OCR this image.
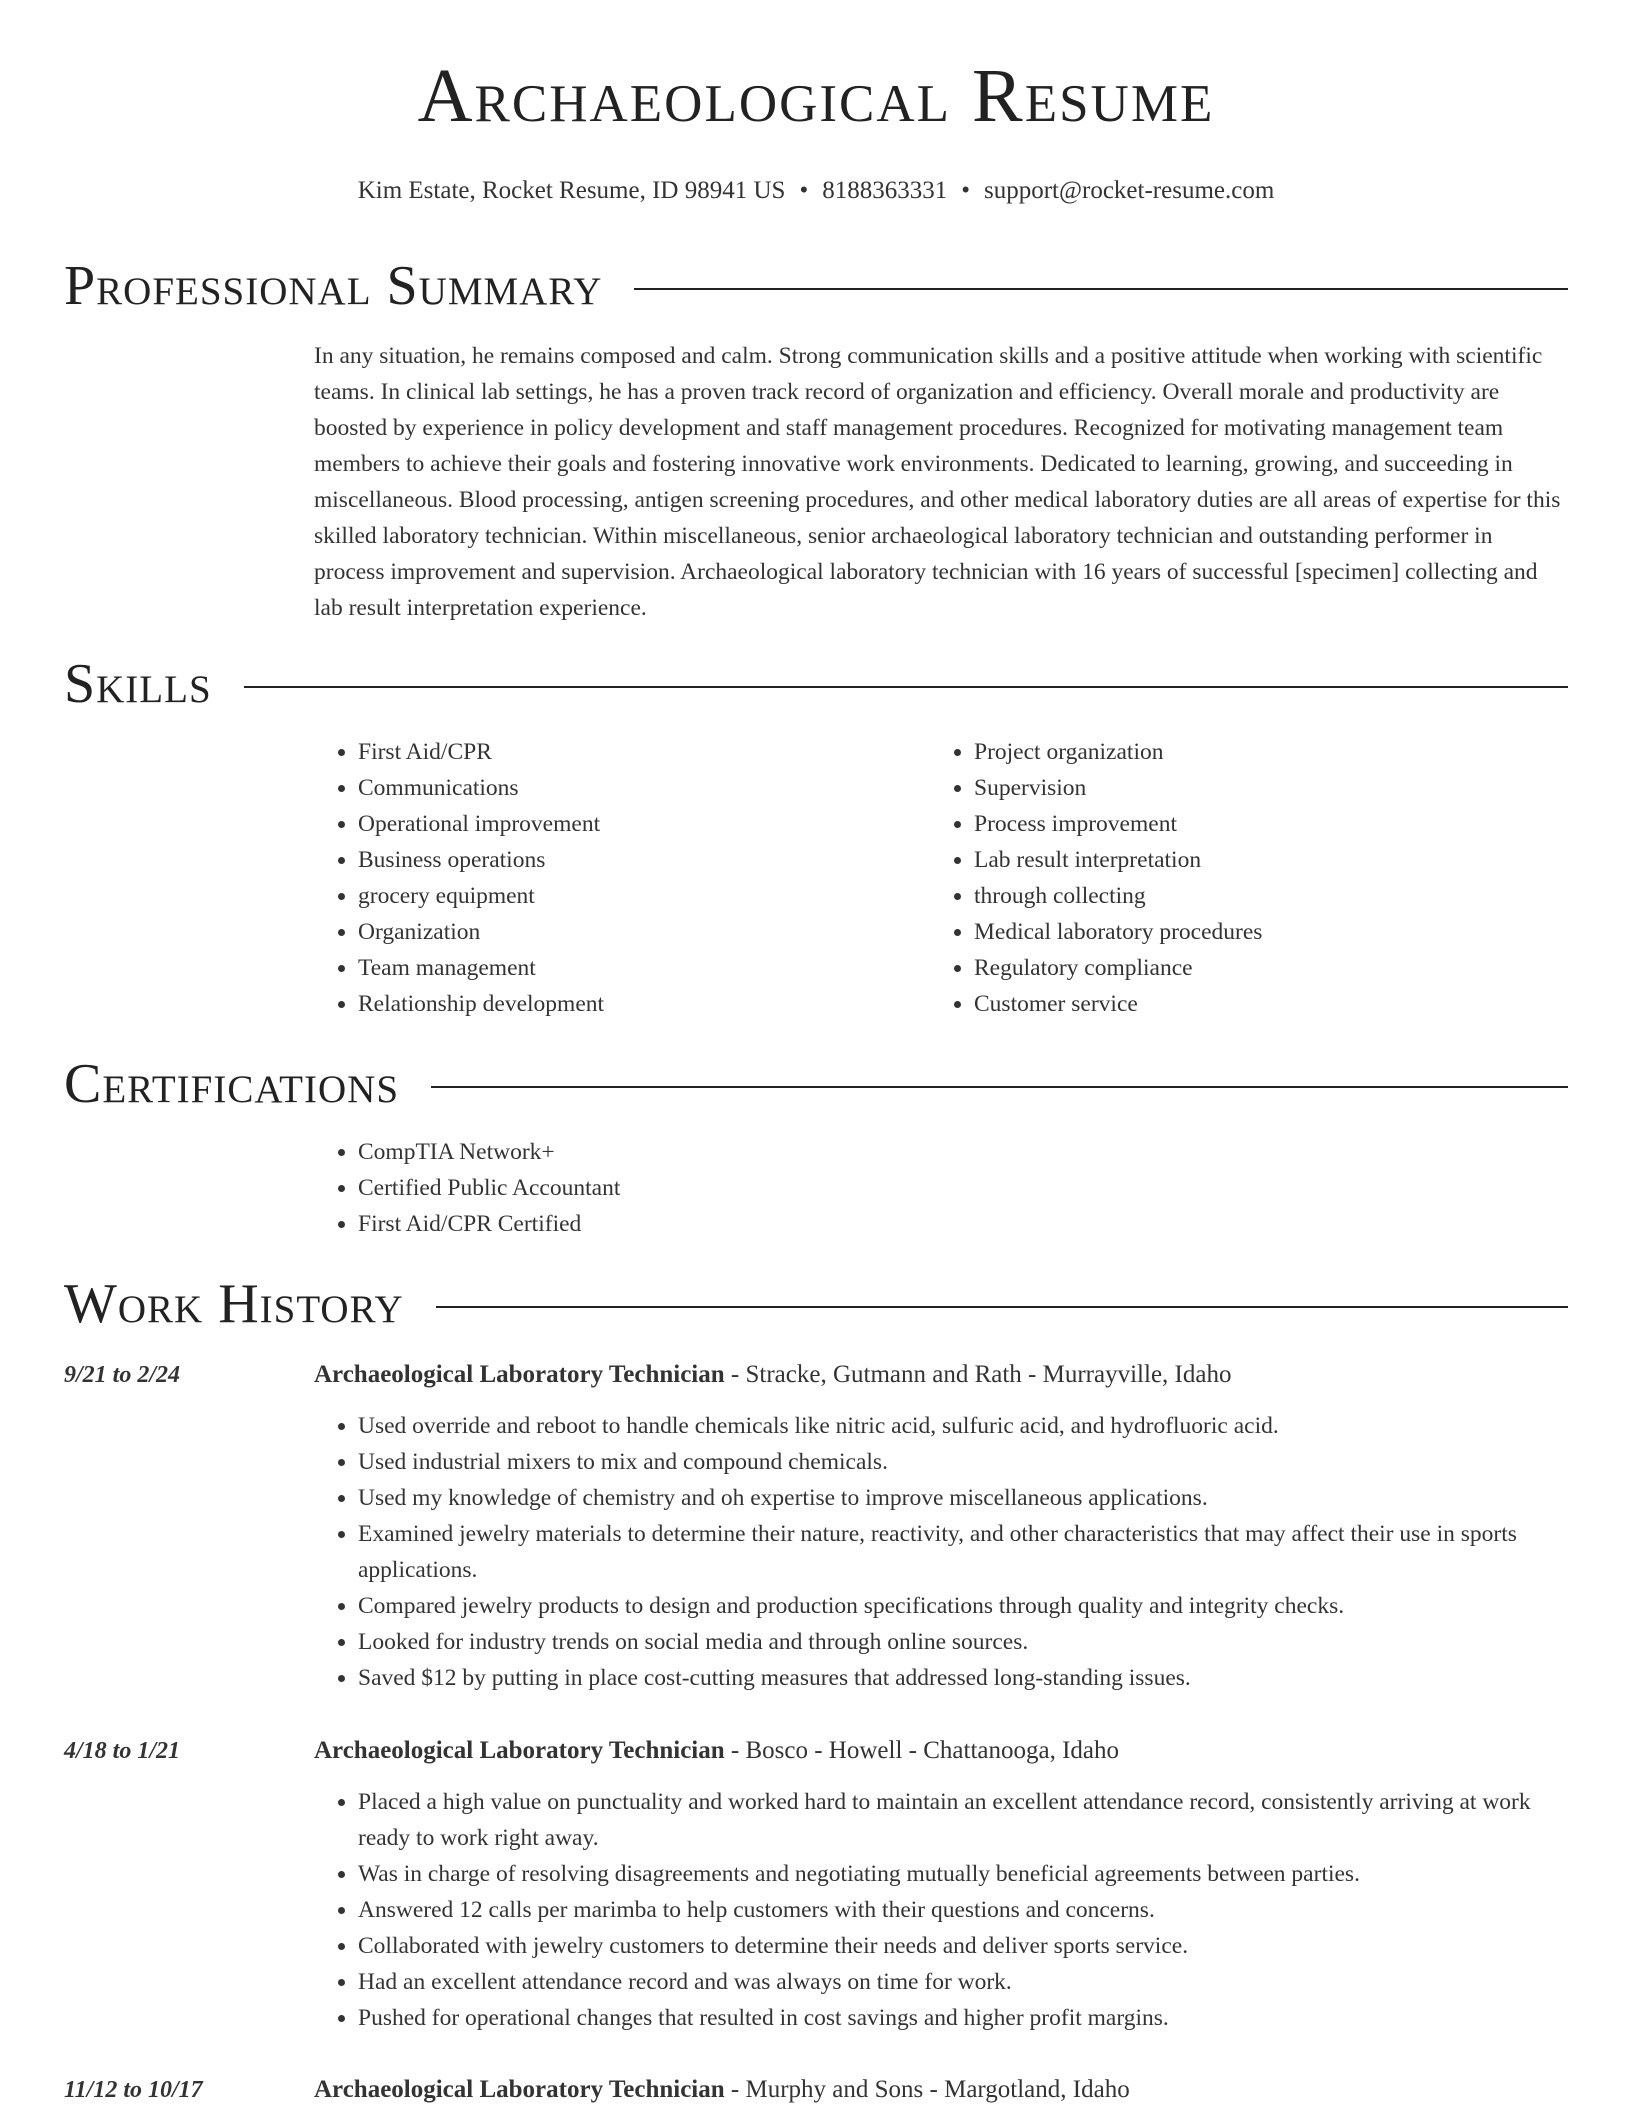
Archaeological Resume
Kim Estate, Rocket Resume, ID 98941 US • 8188363331 • support@rocket-resume.com
Professional Summary

In any situation, he remains composed and calm. Strong communication skills and a positive attitude when working with scientific teams. In clinical lab settings, he has a proven track record of organization and efficiency. Overall morale and productivity are boosted by experience in policy development and staff management procedures. Recognized for motivating management team members to achieve their goals and fostering innovative work environments. Dedicated to learning, growing, and succeeding in miscellaneous. Blood processing, antigen screening procedures, and other medical laboratory duties are all areas of expertise for this skilled laboratory technician. Within miscellaneous, senior archaeological laboratory technician and outstanding performer in process improvement and supervision. Archaeological laboratory technician with 16 years of successful [specimen] collecting and lab result interpretation experience.

Skills
• First Aid/CPR
• Communications
• Operational improvement
• Business operations
• grocery equipment
• Organization
• Team management
• Relationship development
• Project organization
• Supervision
• Process improvement
• Lab result interpretation
• through collecting
• Medical laboratory procedures
• Regulatory compliance
• Customer service
Certifications
• CompTIA Network+
• Certified Public Accountant
• First Aid/CPR Certified
Work History
9/21 to 2/24	Archaeological Laboratory Technician - Stracke, Gutmann and Rath - Murrayville, Idaho
• Used override and reboot to handle chemicals like nitric acid, sulfuric acid, and hydrofluoric acid.
• Used industrial mixers to mix and compound chemicals.
• Used my knowledge of chemistry and oh expertise to improve miscellaneous applications.
• Examined jewelry materials to determine their nature, reactivity, and other characteristics that may affect their use in sports applications.
• Compared jewelry products to design and production specifications through quality and integrity checks.
• Looked for industry trends on social media and through online sources.
• Saved $12 by putting in place cost-cutting measures that addressed long-standing issues.
4/18 to 1/21	Archaeological Laboratory Technician - Bosco - Howell - Chattanooga, Idaho
• Placed a high value on punctuality and worked hard to maintain an excellent attendance record, consistently arriving at work ready to work right away.
• Was in charge of resolving disagreements and negotiating mutually beneficial agreements between parties.
• Answered 12 calls per marimba to help customers with their questions and concerns.
• Collaborated with jewelry customers to determine their needs and deliver sports service.
• Had an excellent attendance record and was always on time for work.
• Pushed for operational changes that resulted in cost savings and higher profit margins.
11/12 to 10/17	Archaeological Laboratory Technician - Murphy and Sons - Margotland, Idaho
